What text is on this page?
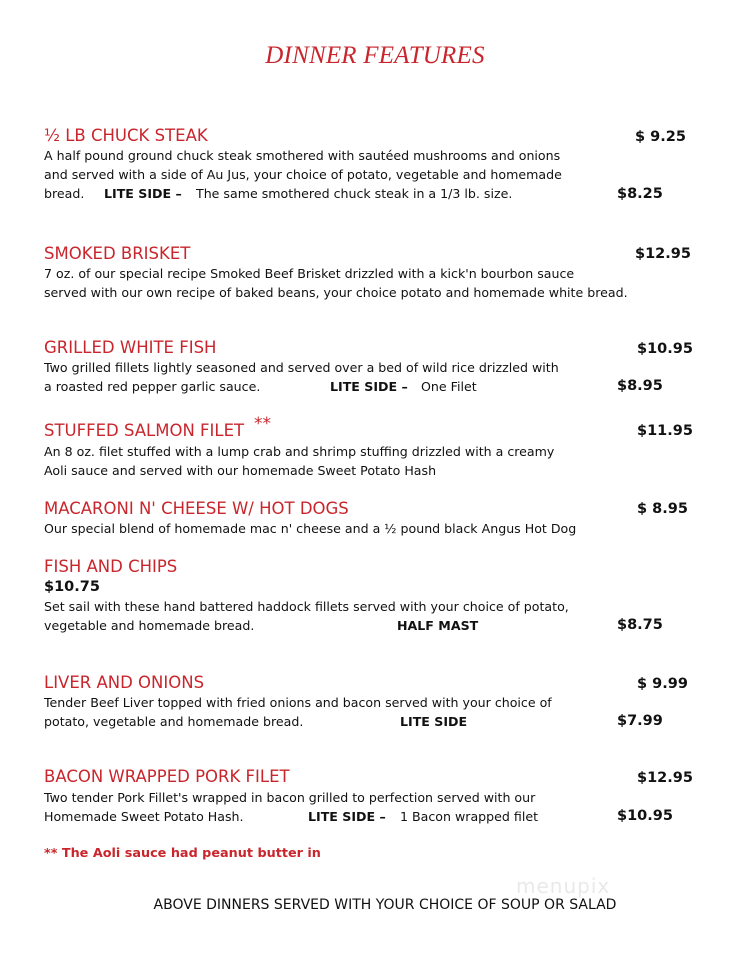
DINNER FEATURES
½ LB CHUCK STEAK	$ 9.25
A half pound ground chuck steak smothered with sautéed mushrooms and onions
and served with a side of Au Jus, your choice of potato, vegetable and homemade
bread. LITE SIDE – The same smothered chuck steak in a 1/3 lb. size.	$8.25
SMOKED BRISKET	$12.95
7 oz. of our special recipe Smoked Beef Brisket drizzled with a kick'n bourbon sauce
served with our own recipe of baked beans, your choice potato and homemade white bread.
GRILLED WHITE FISH	$10.95
Two grilled fillets lightly seasoned and served over a bed of wild rice drizzled with
a roasted red pepper garlic sauce.	LITE SIDE – One Filet	$8.95
STUFFED SALMON FILET **	$11.95
An 8 oz. filet stuffed with a lump crab and shrimp stuffing drizzled with a creamy
Aoli sauce and served with our homemade Sweet Potato Hash
MACARONI N' CHEESE W/ HOT DOGS	$ 8.95
Our special blend of homemade mac n' cheese and a ½ pound black Angus Hot Dog
FISH AND CHIPS
$10.75
Set sail with these hand battered haddock fillets served with your choice of potato,
vegetable and homemade bread.	HALF MAST	$8.75
LIVER AND ONIONS	$ 9.99
Tender Beef Liver topped with fried onions and bacon served with your choice of
potato, vegetable and homemade bread.	LITE SIDE	$7.99
BACON WRAPPED PORK FILET	$12.95
Two tender Pork Fillet's wrapped in bacon grilled to perfection served with our
Homemade Sweet Potato Hash.	LITE SIDE – 1 Bacon wrapped filet	$10.95
** The Aoli sauce had peanut butter in
menupix
ABOVE DINNERS SERVED WITH YOUR CHOICE OF SOUP OR SALAD
